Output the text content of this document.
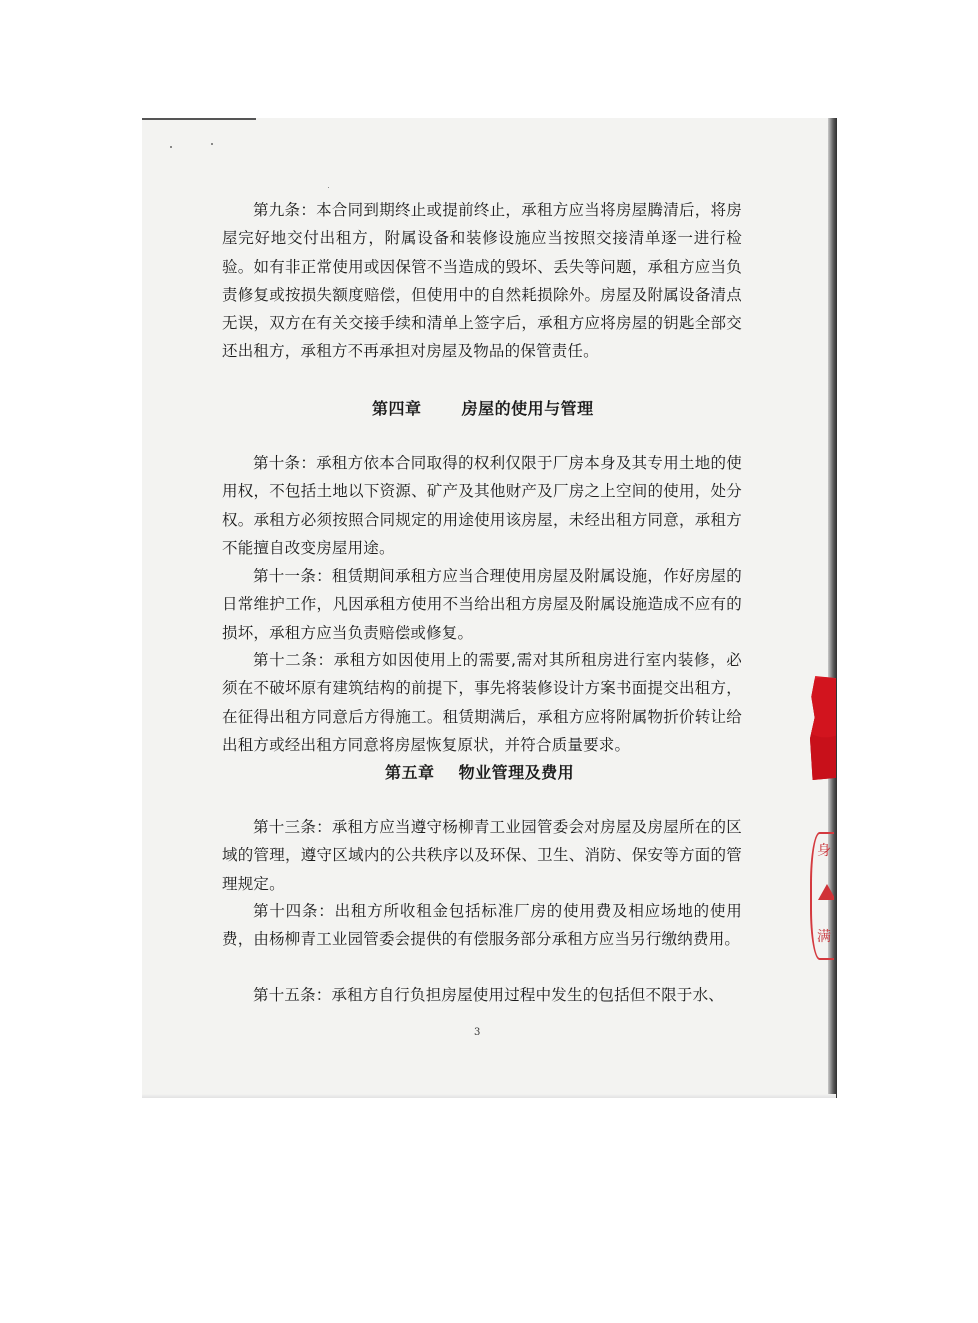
第九条：本合同到期终止或提前终止，承租方应当将房屋腾清后，将房屋完好地交付出租方，附属设备和装修设施应当按照交接清单逐一进行检验。如有非正常使用或因保管不当造成的毁坏、丢失等问题，承租方应当负责修复或按损失额度赔偿，但使用中的自然耗损除外。房屋及附属设备清点无误，双方在有关交接手续和清单上签字后，承租方应将房屋的钥匙全部交还出租方，承租方不再承担对房屋及物品的保管责任。

第四章	房屋的使用与管理

第十条：承租方依本合同取得的权利仅限于厂房本身及其专用土地的使用权，不包括土地以下资源、矿产及其他财产及厂房之上空间的使用，处分权。承租方必须按照合同规定的用途使用该房屋，未经出租方同意，承租方不能擅自改变房屋用途。

第十一条：租赁期间承租方应当合理使用房屋及附属设施，作好房屋的日常维护工作，凡因承租方使用不当给出租方房屋及附属设施造成不应有的损坏，承租方应当负责赔偿或修复。

第十二条：承租方如因使用上的需要,需对其所租房进行室内装修，必须在不破坏原有建筑结构的前提下，事先将装修设计方案书面提交出租方，在征得出租方同意后方得施工。租赁期满后，承租方应将附属物折价转让给出租方或经出租方同意将房屋恢复原状，并符合质量要求。

第五章 物业管理及费用

第十三条：承租方应当遵守杨柳青工业园管委会对房屋及房屋所在的区域的管理，遵守区域内的公共秩序以及环保、卫生、消防、保安等方面的管理规定。

第十四条：出租方所收租金包括标准厂房的使用费及相应场地的使用费，由杨柳青工业园管委会提供的有偿服务部分承租方应当另行缴纳费用。

第十五条：承租方自行负担房屋使用过程中发生的包括但不限于水、

3
身
满
